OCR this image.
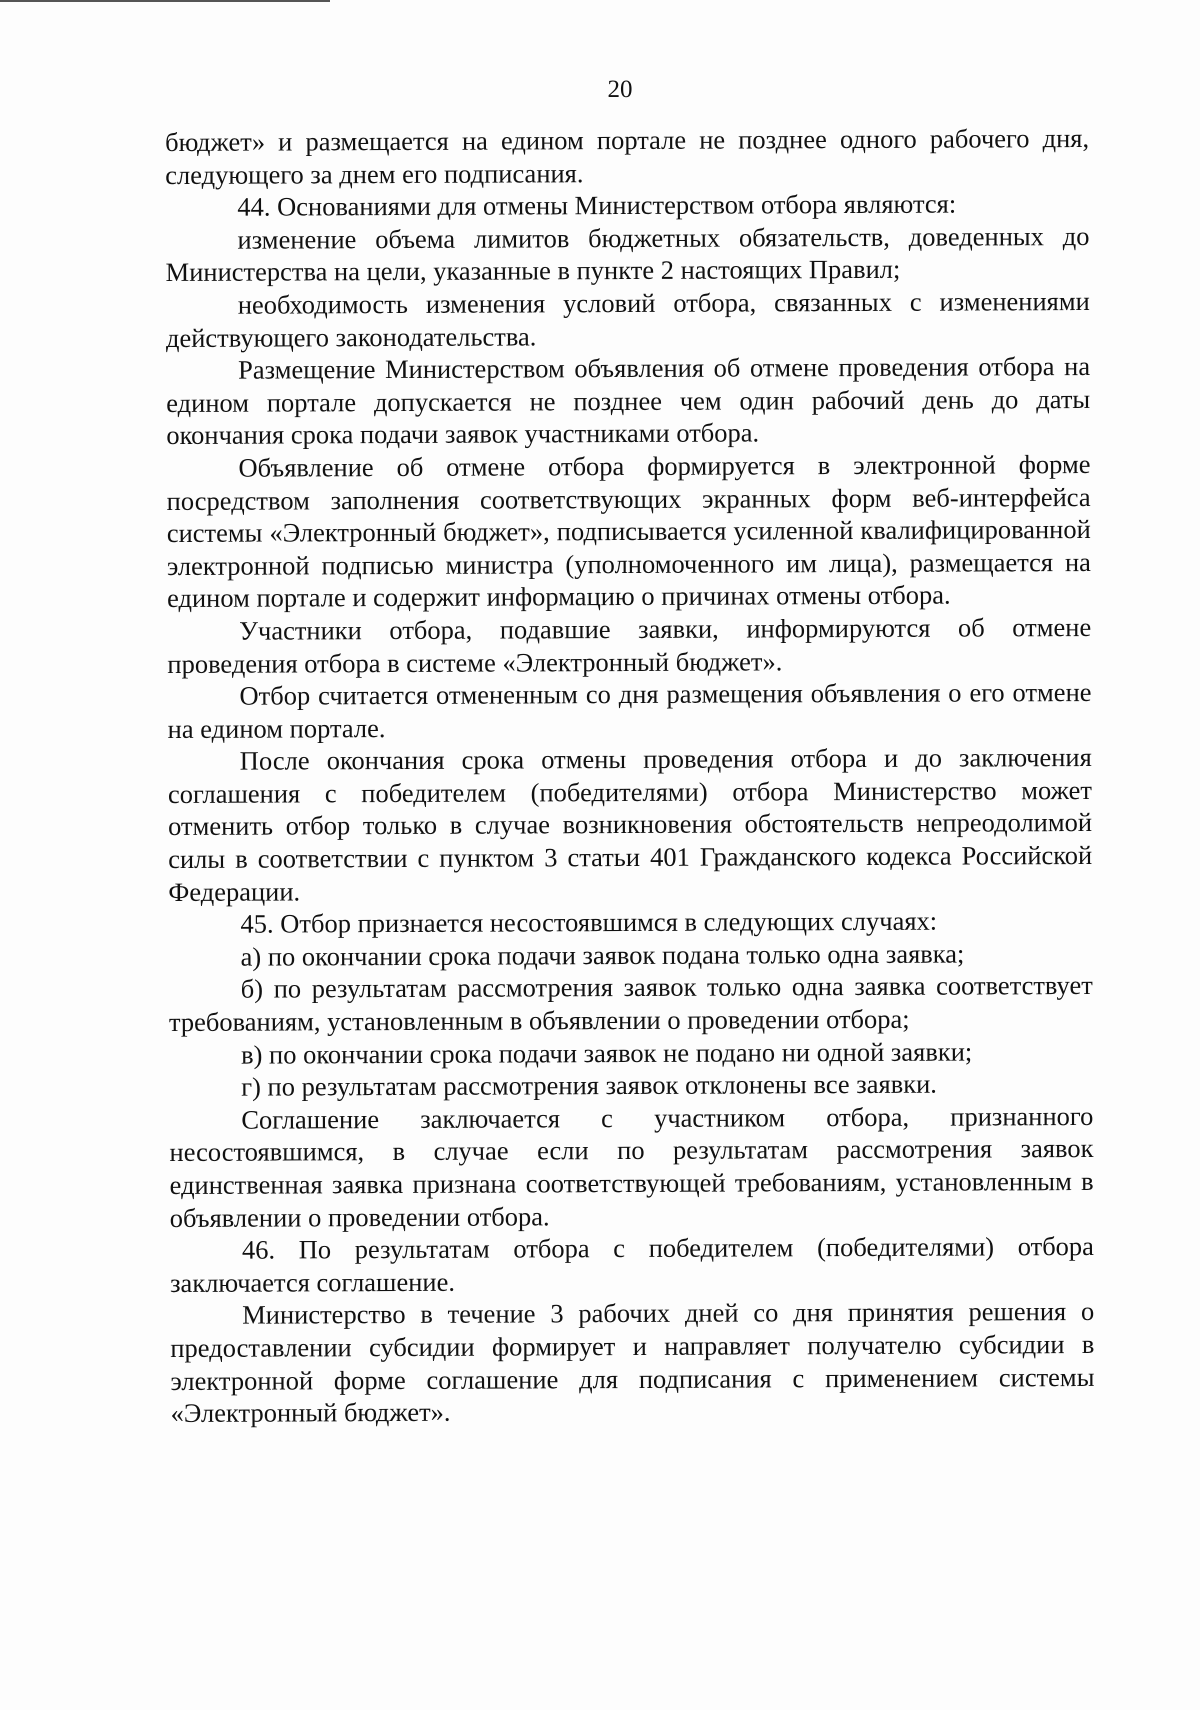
20

бюджет» и размещается на едином портале не позднее одного рабочего дня, следующего за днем его подписания.

44. Основаниями для отмены Министерством отбора являются:

изменение объема лимитов бюджетных обязательств, доведенных до Министерства на цели, указанные в пункте 2 настоящих Правил;

необходимость изменения условий отбора, связанных с изменениями действующего законодательства.

Размещение Министерством объявления об отмене проведения отбора на едином портале допускается не позднее чем один рабочий день до даты окончания срока подачи заявок участниками отбора.

Объявление об отмене отбора формируется в электронной форме посредством заполнения соответствующих экранных форм веб-интерфейса системы «Электронный бюджет», подписывается усиленной квалифицированной электронной подписью министра (уполномоченного им лица), размещается на едином портале и содержит информацию о причинах отмены отбора.

Участники отбора, подавшие заявки, информируются об отмене проведения отбора в системе «Электронный бюджет».

Отбор считается отмененным со дня размещения объявления о его отмене на едином портале.

После окончания срока отмены проведения отбора и до заключения соглашения с победителем (победителями) отбора Министерство может отменить отбор только в случае возникновения обстоятельств непреодолимой силы в соответствии с пунктом 3 статьи 401 Гражданского кодекса Российской Федерации.

45. Отбор признается несостоявшимся в следующих случаях:

а) по окончании срока подачи заявок подана только одна заявка;

б) по результатам рассмотрения заявок только одна заявка соответствует требованиям, установленным в объявлении о проведении отбора;

в) по окончании срока подачи заявок не подано ни одной заявки;

г) по результатам рассмотрения заявок отклонены все заявки.

Соглашение заключается с участником отбора, признанного несостоявшимся, в случае если по результатам рассмотрения заявок единственная заявка признана соответствующей требованиям, установленным в объявлении о проведении отбора.

46. По результатам отбора с победителем (победителями) отбора заключается соглашение.

Министерство в течение 3 рабочих дней со дня принятия решения о предоставлении субсидии формирует и направляет получателю субсидии в электронной форме соглашение для подписания с применением системы «Электронный бюджет».
